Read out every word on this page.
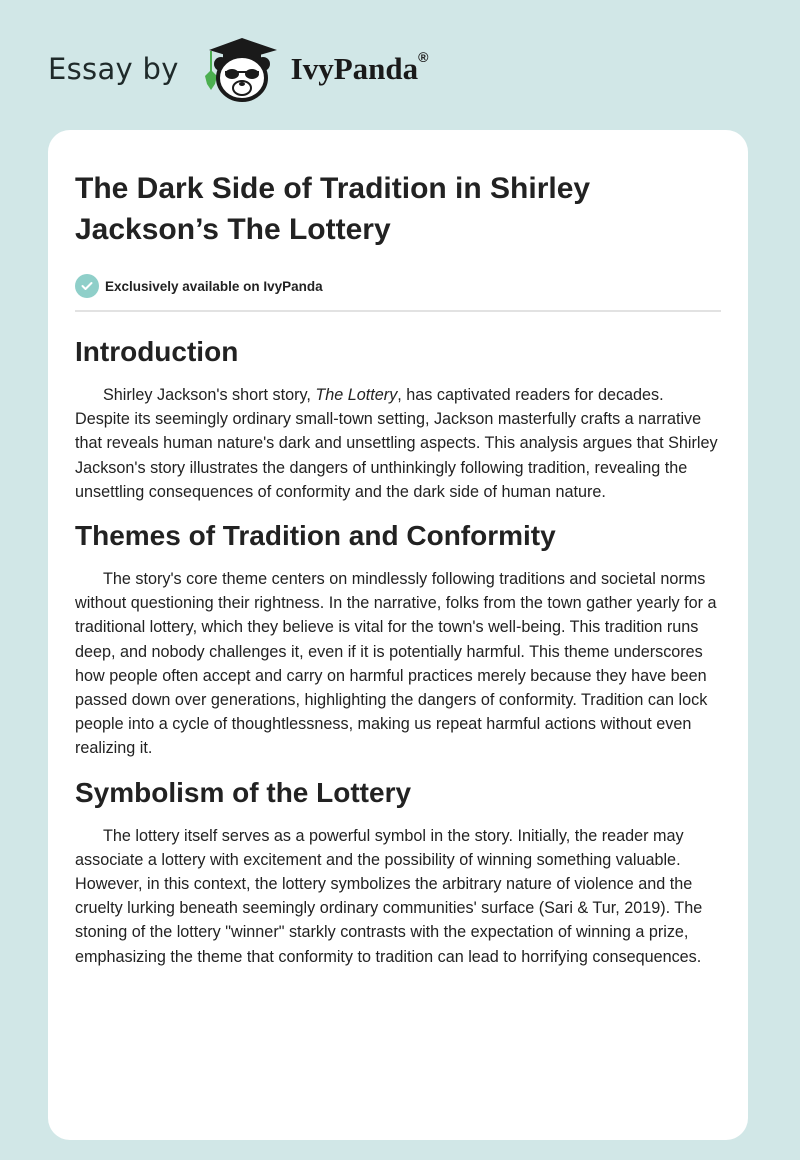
Essay by	IvyPanda®
The Dark Side of Tradition in Shirley Jackson’s The Lottery
Exclusively available on IvyPanda
Introduction

Shirley Jackson's short story, The Lottery, has captivated readers for decades. Despite its seemingly ordinary small-town setting, Jackson masterfully crafts a narrative that reveals human nature's dark and unsettling aspects. This analysis argues that Shirley Jackson's story illustrates the dangers of unthinkingly following tradition, revealing the unsettling consequences of conformity and the dark side of human nature.

Themes of Tradition and Conformity

The story's core theme centers on mindlessly following traditions and societal norms without questioning their rightness. In the narrative, folks from the town gather yearly for a traditional lottery, which they believe is vital for the town's well-being. This tradition runs deep, and nobody challenges it, even if it is potentially harmful. This theme underscores how people often accept and carry on harmful practices merely because they have been passed down over generations, highlighting the dangers of conformity. Tradition can lock people into a cycle of thoughtlessness, making us repeat harmful actions without even realizing it.

Symbolism of the Lottery

The lottery itself serves as a powerful symbol in the story. Initially, the reader may associate a lottery with excitement and the possibility of winning something valuable. However, in this context, the lottery symbolizes the arbitrary nature of violence and the cruelty lurking beneath seemingly ordinary communities' surface (Sari & Tur, 2019). The stoning of the lottery "winner" starkly contrasts with the expectation of winning a prize, emphasizing the theme that conformity to tradition can lead to horrifying consequences.
